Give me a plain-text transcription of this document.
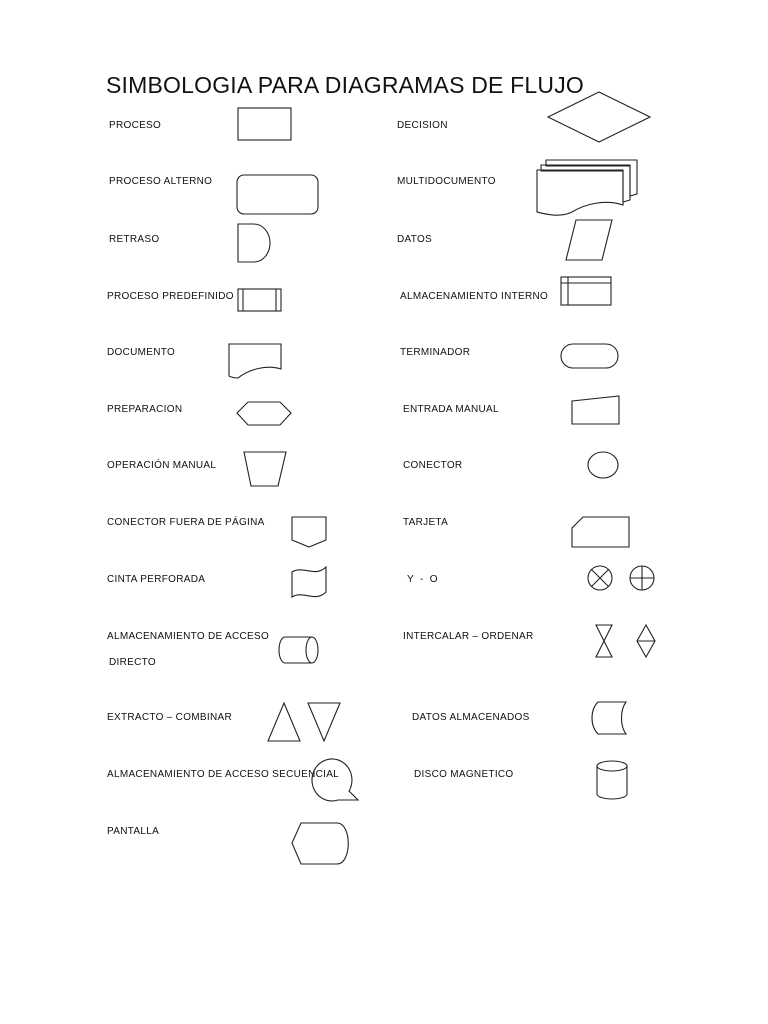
SIMBOLOGIA PARA DIAGRAMAS DE FLUJO
PROCESO
PROCESO ALTERNO
RETRASO
PROCESO PREDEFINIDO
DOCUMENTO
PREPARACION
OPERACIÓN MANUAL
CONECTOR FUERA DE PÁGINA
CINTA PERFORADA
ALMACENAMIENTO DE ACCESO
DIRECTO
EXTRACTO – COMBINAR
ALMACENAMIENTO DE ACCESO SECUENCIAL
PANTALLA
DECISION
MULTIDOCUMENTO
DATOS
ALMACENAMIENTO INTERNO
TERMINADOR
ENTRADA MANUAL
CONECTOR
TARJETA
Y  -  O
INTERCALAR – ORDENAR
DATOS ALMACENADOS
DISCO MAGNETICO
